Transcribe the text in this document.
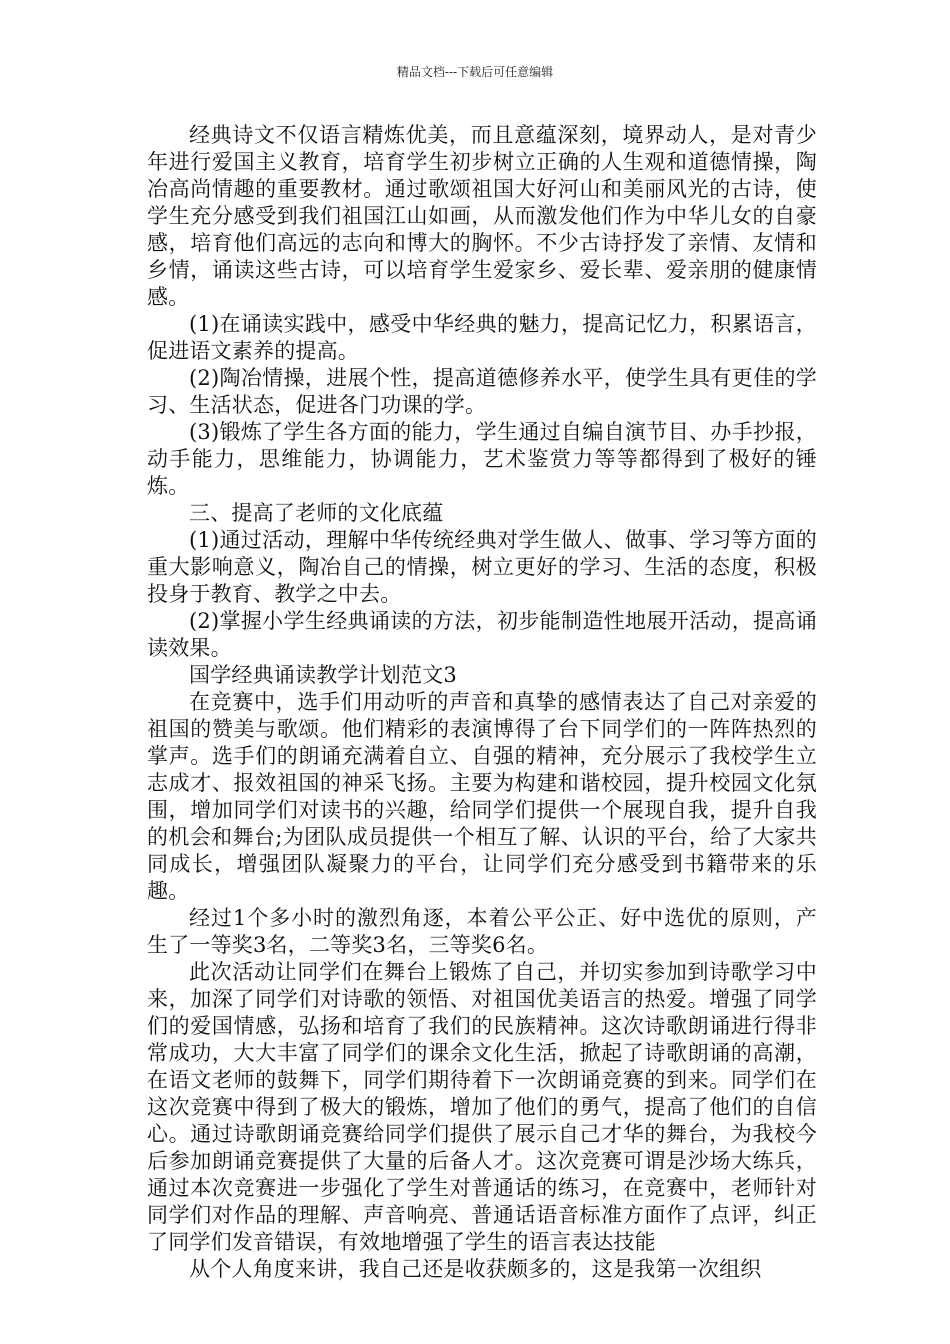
精品文档---下载后可任意编辑

经典诗文不仅语言精炼优美，而且意蕴深刻，境界动人，是对青少年进行爱国主义教育，培育学生初步树立正确的人生观和道德情操，陶冶高尚情趣的重要教材。通过歌颂祖国大好河山和美丽风光的古诗，使学生充分感受到我们祖国江山如画，从而激发他们作为中华儿女的自豪感，培育他们高远的志向和博大的胸怀。不少古诗抒发了亲情、友情和乡情，诵读这些古诗，可以培育学生爱家乡、爱长辈、爱亲朋的健康情感。

(1)在诵读实践中，感受中华经典的魅力，提高记忆力，积累语言，促进语文素养的提高。

(2)陶冶情操，进展个性，提高道德修养水平，使学生具有更佳的学习、生活状态，促进各门功课的学。

(3)锻炼了学生各方面的能力，学生通过自编自演节目、办手抄报，动手能力，思维能力，协调能力，艺术鉴赏力等等都得到了极好的锤炼。

三、提高了老师的文化底蕴

(1)通过活动，理解中华传统经典对学生做人、做事、学习等方面的重大影响意义，陶冶自己的情操，树立更好的学习、生活的态度，积极投身于教育、教学之中去。

(2)掌握小学生经典诵读的方法，初步能制造性地展开活动，提高诵读效果。

国学经典诵读教学计划范文3

在竞赛中，选手们用动听的声音和真挚的感情表达了自己对亲爱的祖国的赞美与歌颂。他们精彩的表演博得了台下同学们的一阵阵热烈的掌声。选手们的朗诵充满着自立、自强的精神，充分展示了我校学生立志成才、报效祖国的神采飞扬。主要为构建和谐校园，提升校园文化氛围，增加同学们对读书的兴趣，给同学们提供一个展现自我，提升自我的机会和舞台;为团队成员提供一个相互了解、认识的平台，给了大家共同成长，增强团队凝聚力的平台，让同学们充分感受到书籍带来的乐趣。

经过1个多小时的激烈角逐，本着公平公正、好中选优的原则，产生了一等奖3名，二等奖3名，三等奖6名。

此次活动让同学们在舞台上锻炼了自己，并切实参加到诗歌学习中来，加深了同学们对诗歌的领悟、对祖国优美语言的热爱。增强了同学们的爱国情感，弘扬和培育了我们的民族精神。这次诗歌朗诵进行得非常成功，大大丰富了同学们的课余文化生活，掀起了诗歌朗诵的高潮，在语文老师的鼓舞下，同学们期待着下一次朗诵竞赛的到来。同学们在这次竞赛中得到了极大的锻炼，增加了他们的勇气，提高了他们的自信心。通过诗歌朗诵竞赛给同学们提供了展示自己才华的舞台，为我校今后参加朗诵竞赛提供了大量的后备人才。这次竞赛可谓是沙场大练兵，通过本次竞赛进一步强化了学生对普通话的练习，在竞赛中，老师针对同学们对作品的理解、声音响亮、普通话语音标准方面作了点评，纠正了同学们发音错误，有效地增强了学生的语言表达技能

从个人角度来讲，我自己还是收获颇多的，这是我第一次组织
